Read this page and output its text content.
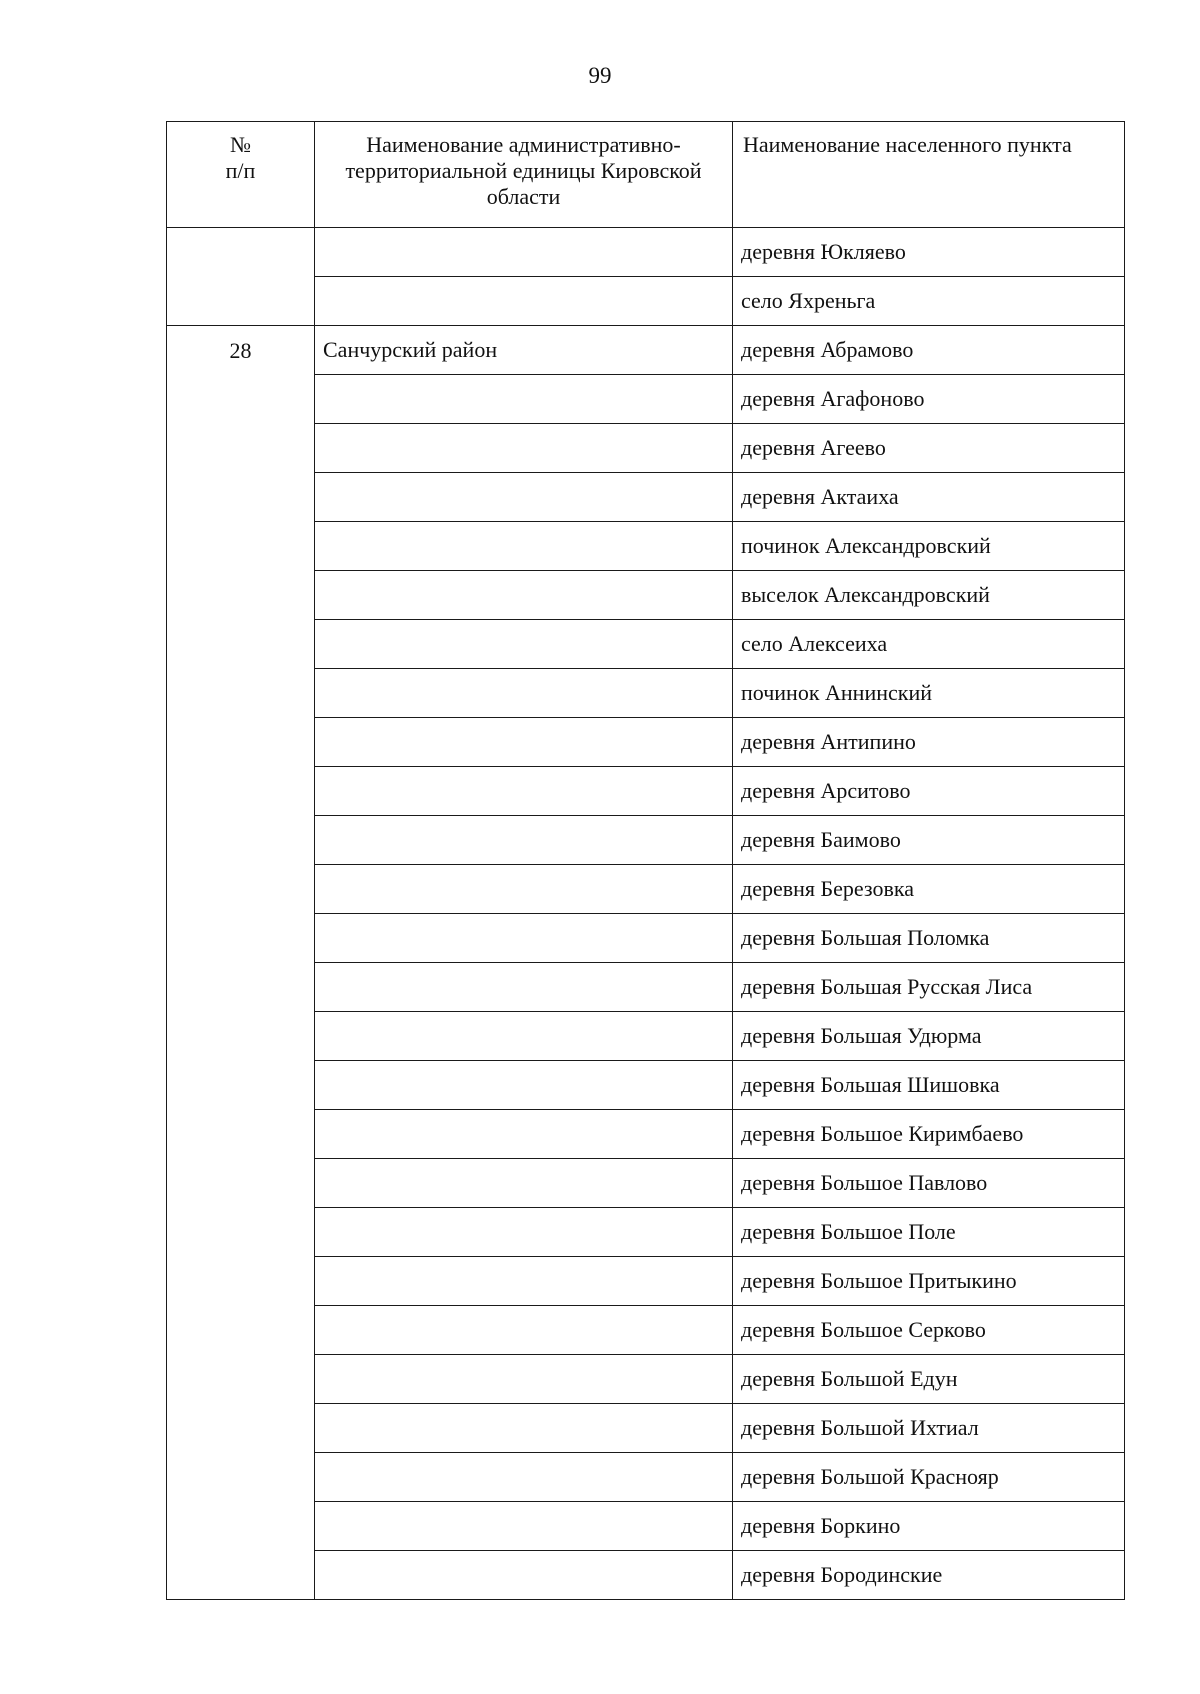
99
№
п/п	Наименование административно-территориальной единицы Кировской области	Наименование населенного пункта
		деревня Юкляево
		село Яхреньга
28	Санчурский район	деревня Абрамово
		деревня Агафоново
		деревня Агеево
		деревня Актаиха
		починок Александровский
		выселок Александровский
		село Алексеиха
		починок Аннинский
		деревня Антипино
		деревня Арситово
		деревня Баимово
		деревня Березовка
		деревня Большая Поломка
		деревня Большая Русская Лиса
		деревня Большая Удюрма
		деревня Большая Шишовка
		деревня Большое Киримбаево
		деревня Большое Павлово
		деревня Большое Поле
		деревня Большое Притыкино
		деревня Большое Серково
		деревня Большой Едун
		деревня Большой Ихтиал
		деревня Большой Краснояр
		деревня Боркино
		деревня Бородинские
